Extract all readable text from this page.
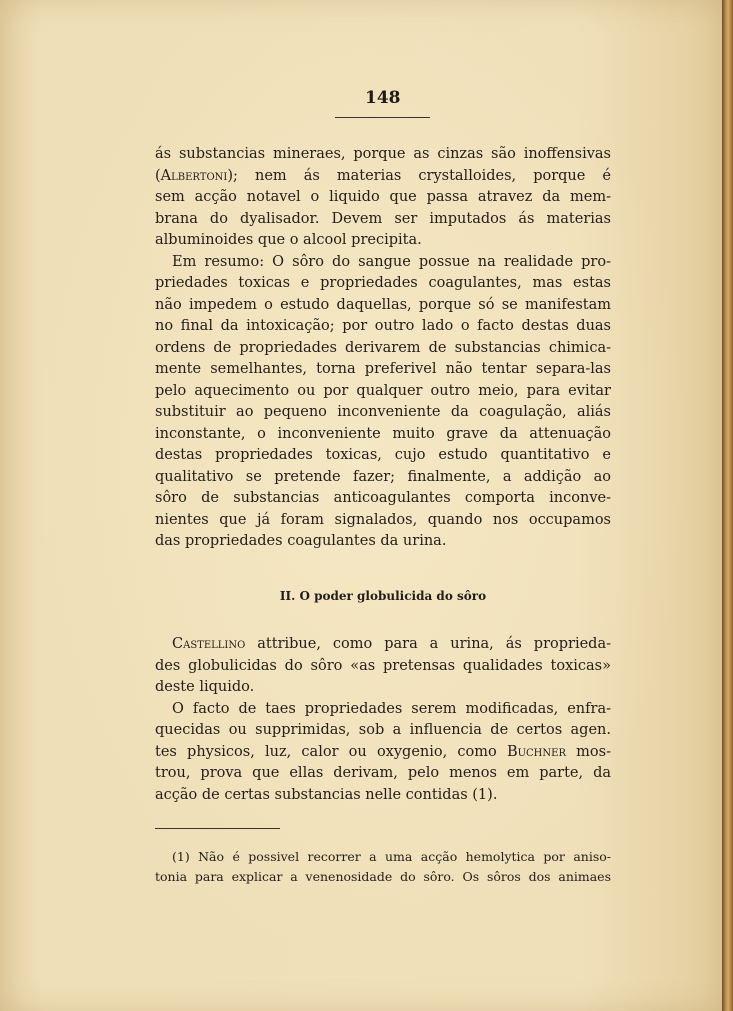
148
ás substancias mineraes, porque as cinzas são inoffensivas
(Albertoni); nem ás materias crystalloides, porque é
sem acção notavel o liquido que passa atravez da mem-
brana do dyalisador. Devem ser imputados ás materias
albuminoides que o alcool precipita.
Em resumo: O sôro do sangue possue na realidade pro-
priedades toxicas e propriedades coagulantes, mas estas
não impedem o estudo daquellas, porque só se manifestam
no final da intoxicação; por outro lado o facto destas duas
ordens de propriedades derivarem de substancias chimica-
mente semelhantes, torna preferivel não tentar separa-las
pelo aquecimento ou por qualquer outro meio, para evitar
substituir ao pequeno inconveniente da coagulação, aliás
inconstante, o inconveniente muito grave da attenuação
destas propriedades toxicas, cujo estudo quantitativo e
qualitativo se pretende fazer; finalmente, a addição ao
sôro de substancias anticoagulantes comporta inconve-
nientes que já foram signalados, quando nos occupamos
das propriedades coagulantes da urina.
II. O poder globulicida do sôro
Castellino attribue, como para a urina, ás proprieda-
des globulicidas do sôro «as pretensas qualidades toxicas»
deste liquido.
O facto de taes propriedades serem modificadas, enfra-
quecidas ou supprimidas, sob a influencia de certos agen.
tes physicos, luz, calor ou oxygenio, como Buchner mos-
trou, prova que ellas derivam, pelo menos em parte, da
acção de certas substancias nelle contidas (1).
(1) Não é possivel recorrer a uma acção hemolytica por aniso-
tonia para explicar a venenosidade do sôro. Os sôros dos animaes
